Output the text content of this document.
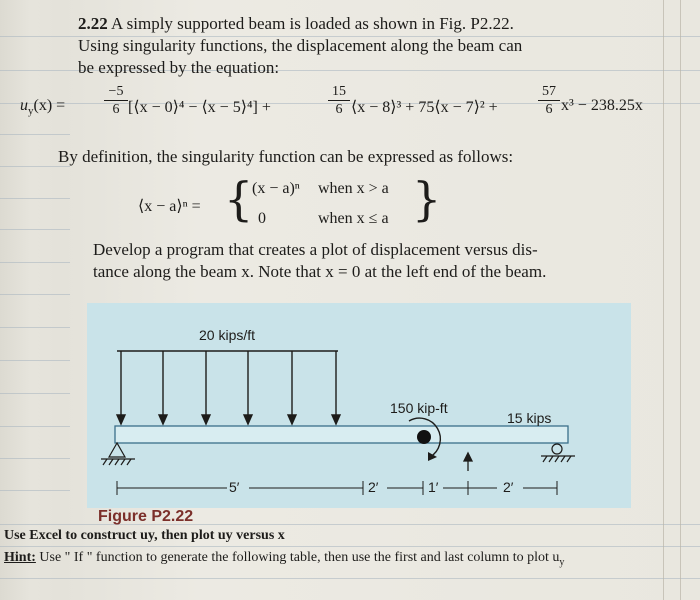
2.22 A simply supported beam is loaded as shown in Fig. P2.22.
Using singularity functions, the displacement along the beam can
be expressed by the equation:
$u_y(x)$ =
−5
6 [⟨x − 0⟩⁴ − ⟨x − 5⟩⁴] +
15
6 ⟨x − 8⟩³ + 75⟨x − 7⟩² +
57
6 x³ − 238.25x
By definition, the singularity function can be expressed as follows:
⟨x − a⟩ⁿ = {
(x − a)ⁿ when x > a
0	when x ≤ a }
Develop a program that creates a plot of displacement versus dis-
tance along the beam x. Note that x = 0 at the left end of the beam.
20 kips/ft
150 kip-ft
15 kips
5′	2′	1′	2′
Figure P2.22
Use Excel to construct uy, then plot uy versus x
Hint: Use " If " function to generate the following table, then use the first and last column to plot $u_y$
